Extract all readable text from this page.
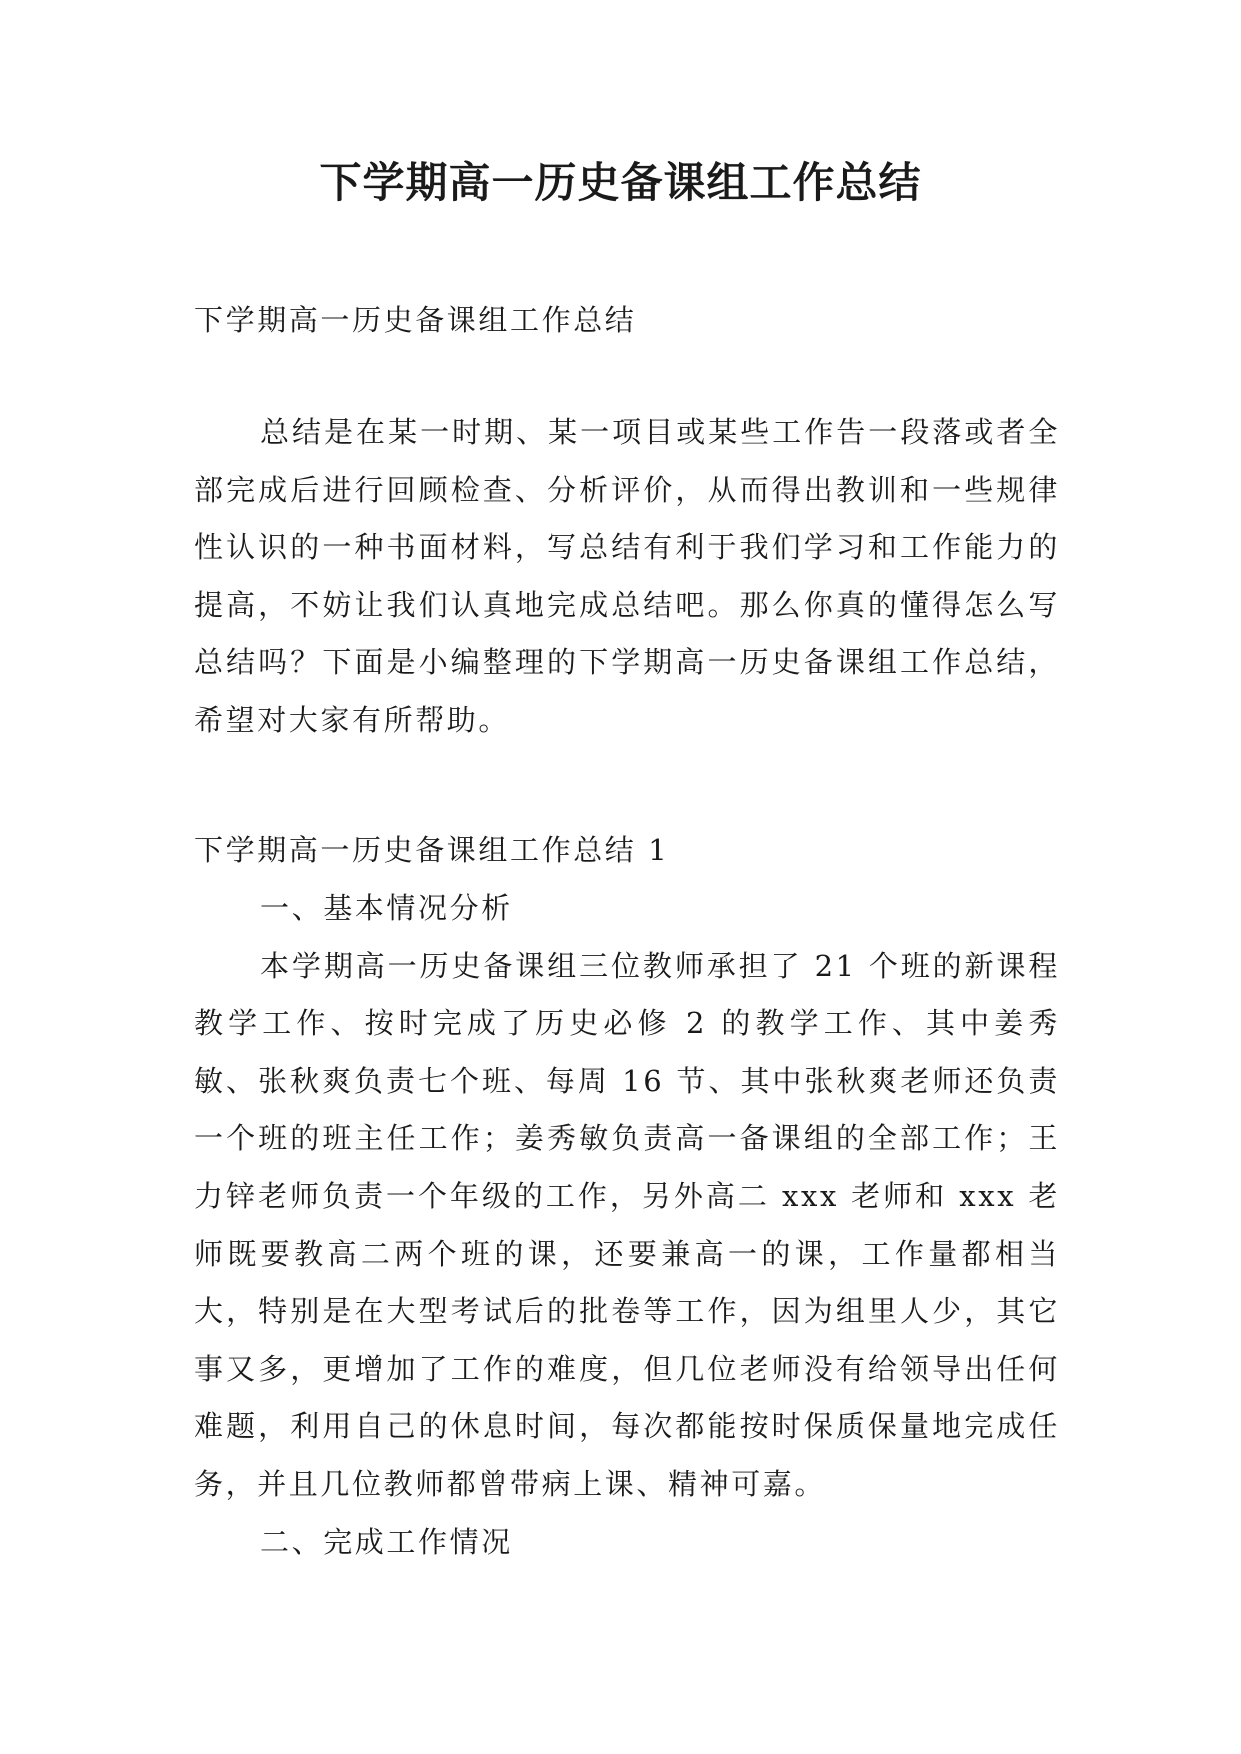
下学期高一历史备课组工作总结

下学期高一历史备课组工作总结

总结是在某一时期、某一项目或某些工作告一段落或者全部完成后进行回顾检查、分析评价，从而得出教训和一些规律性认识的一种书面材料，写总结有利于我们学习和工作能力的提高，不妨让我们认真地完成总结吧。那么你真的懂得怎么写总结吗？下面是小编整理的下学期高一历史备课组工作总结，希望对大家有所帮助。

下学期高一历史备课组工作总结 1

一、基本情况分析

本学期高一历史备课组三位教师承担了 21 个班的新课程教学工作、按时完成了历史必修 2 的教学工作、其中姜秀敏、张秋爽负责七个班、每周 16 节、其中张秋爽老师还负责一个班的班主任工作；姜秀敏负责高一备课组的全部工作；王力锌老师负责一个年级的工作，另外高二 xxx 老师和 xxx 老师既要教高二两个班的课，还要兼高一的课，工作量都相当大，特别是在大型考试后的批卷等工作，因为组里人少，其它事又多，更增加了工作的难度，但几位老师没有给领导出任何难题，利用自己的休息时间，每次都能按时保质保量地完成任务，并且几位教师都曾带病上课、精神可嘉。

二、完成工作情况
